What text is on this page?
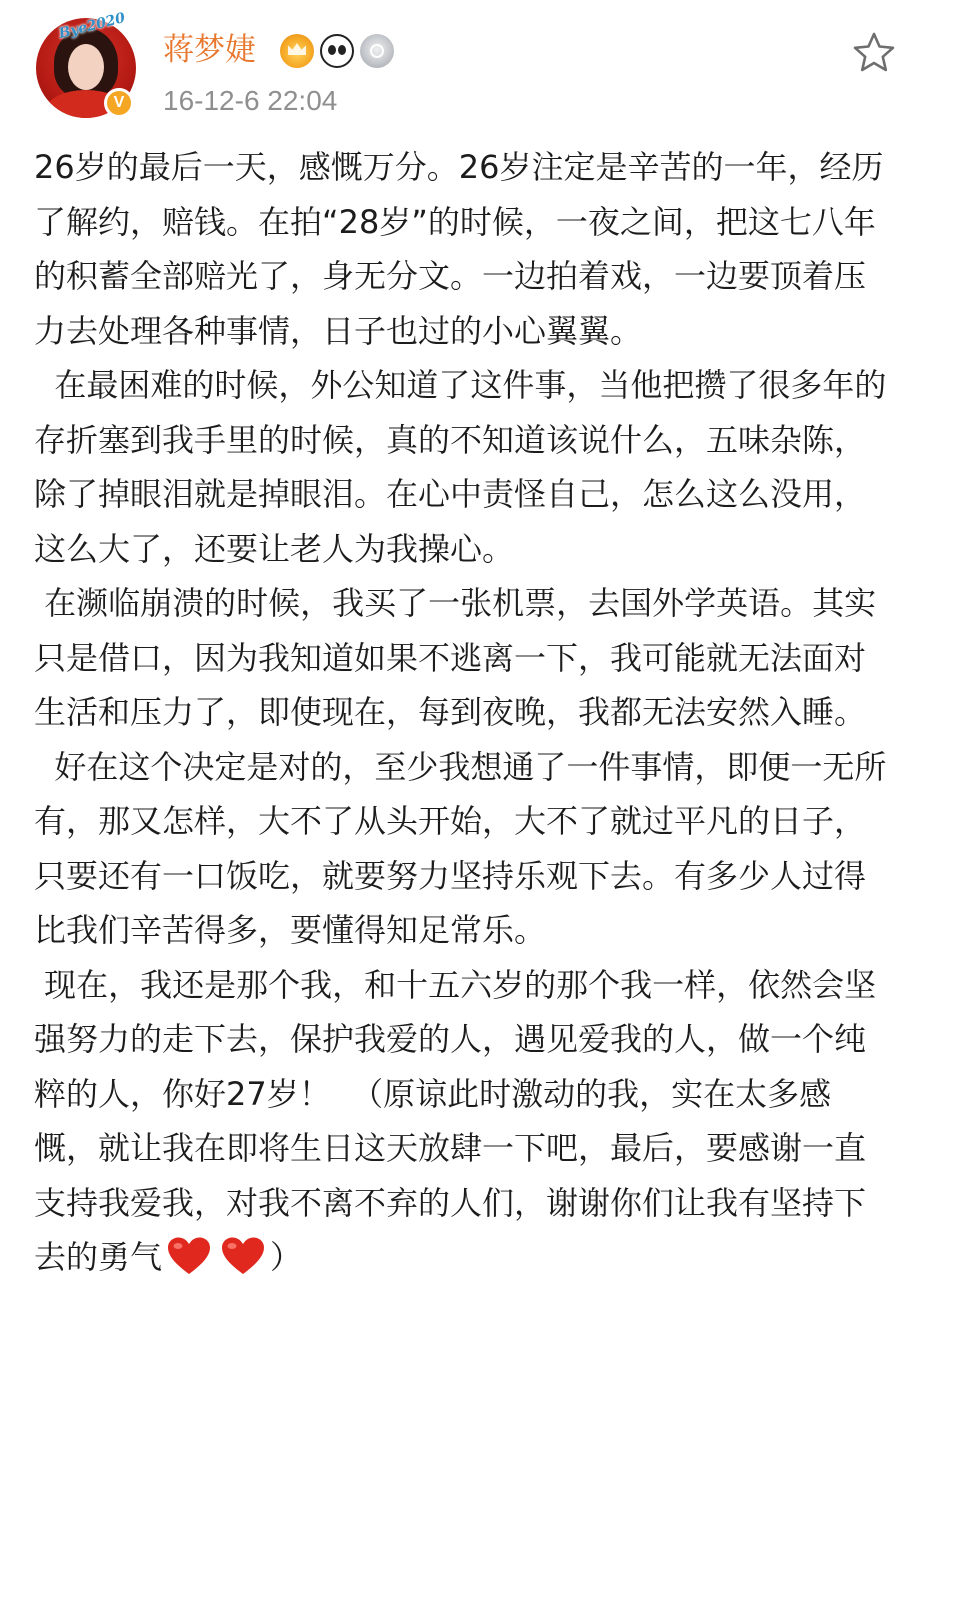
Bye2020
V
蒋梦婕
16-12-6 22:04

26岁的最后一天，感慨万分。26岁注定是辛苦的一年，经历了解约，赔钱。在拍“28岁”的时候，一夜之间，把这七八年的积蓄全部赔光了，身无分文。一边拍着戏，一边要顶着压力去处理各种事情，日子也过的小心翼翼。

在最困难的时候，外公知道了这件事，当他把攒了很多年的存折塞到我手里的时候，真的不知道该说什么，五味杂陈，除了掉眼泪就是掉眼泪。在心中责怪自己，怎么这么没用，这么大了，还要让老人为我操心。

在濒临崩溃的时候，我买了一张机票，去国外学英语。其实只是借口，因为我知道如果不逃离一下，我可能就无法面对生活和压力了，即使现在，每到夜晚，我都无法安然入睡。

好在这个决定是对的，至少我想通了一件事情，即便一无所有，那又怎样，大不了从头开始，大不了就过平凡的日子，只要还有一口饭吃，就要努力坚持乐观下去。有多少人过得比我们辛苦得多，要懂得知足常乐。

现在，我还是那个我，和十五六岁的那个我一样，依然会坚强努力的走下去，保护我爱的人，遇见爱我的人，做一个纯粹的人，你好27岁！  （原谅此时激动的我，实在太多感慨，就让我在即将生日这天放肆一下吧，最后，要感谢一直支持我爱我，对我不离不弃的人们，谢谢你们让我有坚持下去的勇气	）
